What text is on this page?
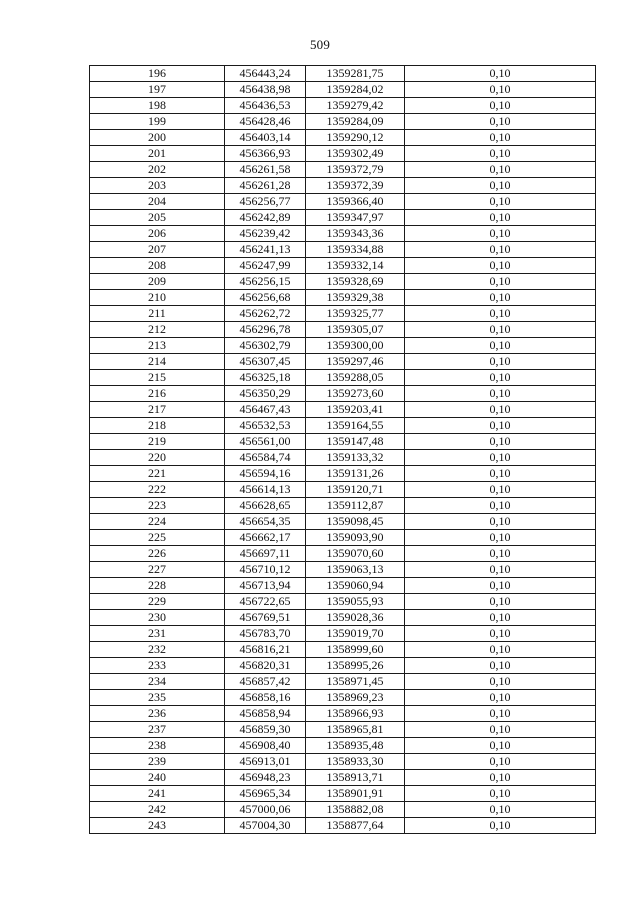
509
196	456443,24	1359281,75	0,10
197	456438,98	1359284,02	0,10
198	456436,53	1359279,42	0,10
199	456428,46	1359284,09	0,10
200	456403,14	1359290,12	0,10
201	456366,93	1359302,49	0,10
202	456261,58	1359372,79	0,10
203	456261,28	1359372,39	0,10
204	456256,77	1359366,40	0,10
205	456242,89	1359347,97	0,10
206	456239,42	1359343,36	0,10
207	456241,13	1359334,88	0,10
208	456247,99	1359332,14	0,10
209	456256,15	1359328,69	0,10
210	456256,68	1359329,38	0,10
211	456262,72	1359325,77	0,10
212	456296,78	1359305,07	0,10
213	456302,79	1359300,00	0,10
214	456307,45	1359297,46	0,10
215	456325,18	1359288,05	0,10
216	456350,29	1359273,60	0,10
217	456467,43	1359203,41	0,10
218	456532,53	1359164,55	0,10
219	456561,00	1359147,48	0,10
220	456584,74	1359133,32	0,10
221	456594,16	1359131,26	0,10
222	456614,13	1359120,71	0,10
223	456628,65	1359112,87	0,10
224	456654,35	1359098,45	0,10
225	456662,17	1359093,90	0,10
226	456697,11	1359070,60	0,10
227	456710,12	1359063,13	0,10
228	456713,94	1359060,94	0,10
229	456722,65	1359055,93	0,10
230	456769,51	1359028,36	0,10
231	456783,70	1359019,70	0,10
232	456816,21	1358999,60	0,10
233	456820,31	1358995,26	0,10
234	456857,42	1358971,45	0,10
235	456858,16	1358969,23	0,10
236	456858,94	1358966,93	0,10
237	456859,30	1358965,81	0,10
238	456908,40	1358935,48	0,10
239	456913,01	1358933,30	0,10
240	456948,23	1358913,71	0,10
241	456965,34	1358901,91	0,10
242	457000,06	1358882,08	0,10
243	457004,30	1358877,64	0,10
